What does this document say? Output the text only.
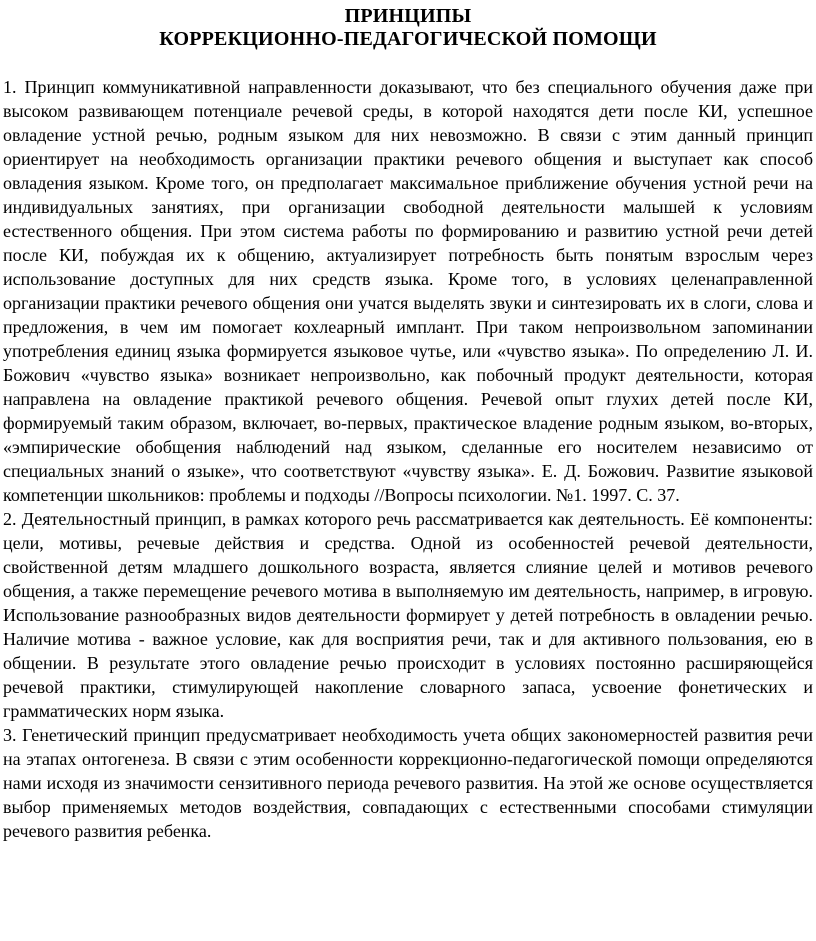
ПРИНЦИПЫ
КОРРЕКЦИОННО-ПЕДАГОГИЧЕСКОЙ ПОМОЩИ

1. Принцип коммуникативной направленности доказывают, что без специального обучения даже при высоком развивающем потенциале речевой среды, в которой находятся дети после КИ, успешное овладение устной речью, родным языком для них невозможно. В связи с этим данный принцип ориентирует на необходимость организации практики речевого общения и выступает как способ овладения языком. Кроме того, он предполагает максимальное приближение обучения устной речи на индивидуальных занятиях, при организации свободной деятельности малышей к условиям естественного общения. При этом система работы по формированию и развитию устной речи детей после КИ, побуждая их к общению, актуализирует потребность быть понятым взрослым через использование доступных для них средств языка. Кроме того, в условиях целенаправленной организации практики речевого общения они учатся выделять звуки и синтезировать их в слоги, слова и предложения, в чем им помогает кохлеарный имплант. При таком непроизвольном запоминании употребления единиц языка формируется языковое чутье, или «чувство языка». По определению Л. И. Божович «чувство языка» возникает непроизвольно, как побочный продукт деятельности, которая направлена на овладение практикой речевого общения. Речевой опыт глухих детей после КИ, формируемый таким образом, включает, во-первых, практическое владение родным языком, во-вторых, «эмпирические обобщения наблюдений над языком, сделанные его носителем независимо от специальных знаний о языке», что соответствуют «чувству языка». Е. Д. Божович. Развитие языковой компетенции школьников: проблемы и подходы //Вопросы психологии. №1. 1997. С. 37.

2. Деятельностный принцип, в рамках которого речь рассматривается как деятельность. Её компоненты: цели, мотивы, речевые действия и средства. Одной из особенностей речевой деятельности, свойственной детям младшего дошкольного возраста, является слияние целей и мотивов речевого общения, а также перемещение речевого мотива в выполняемую им деятельность, например, в игровую. Использование разнообразных видов деятельности формирует у детей потребность в овладении речью. Наличие мотива - важное условие, как для восприятия речи, так и для активного пользования, ею в общении. В результате этого овладение речью происходит в условиях постоянно расширяющейся речевой практики, стимулирующей накопление словарного запаса, усвоение фонетических и грамматических норм языка.

3. Генетический принцип предусматривает необходимость учета общих закономерностей развития речи на этапах онтогенеза. В связи с этим особенности коррекционно-педагогической помощи определяются нами исходя из значимости сензитивного периода речевого развития. На этой же основе осуществляется выбор применяемых методов воздействия, совпадающих с естественными способами стимуляции речевого развития ребенка.
